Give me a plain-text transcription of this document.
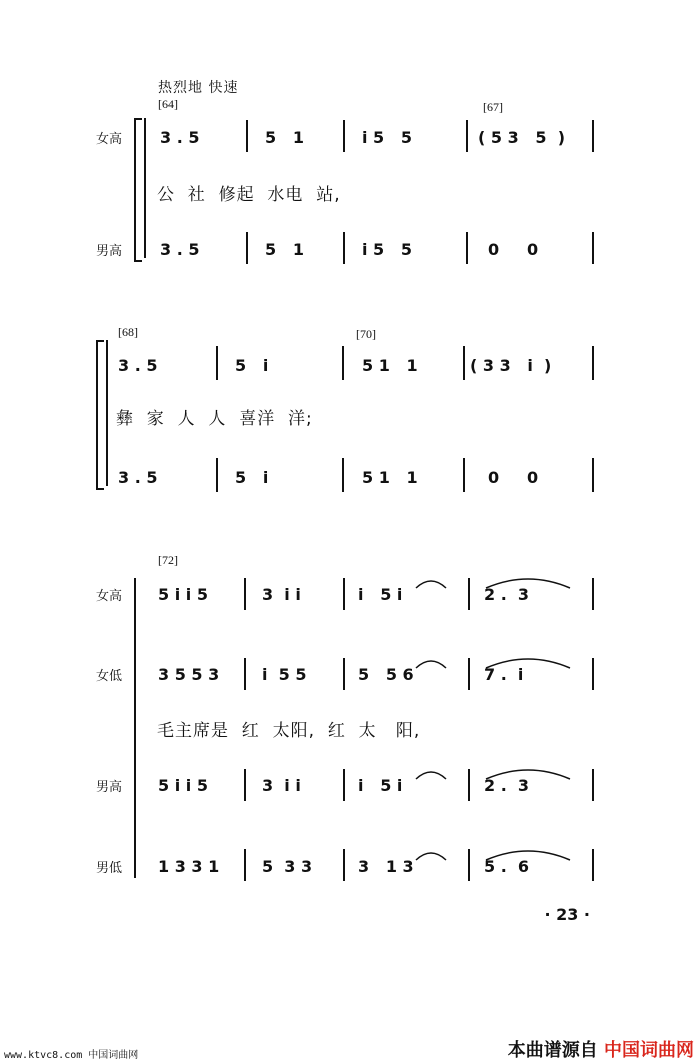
热烈地 快速
[64]	[67]
女高
男高
3 . 5	5   1	i 5   5	( 5 3   5  )
3 . 5	5   1	i 5   5	0     0
公  社  修起  水电  站,
[68]	[70]
3 . 5	5   i	5 1   1	( 3 3   i  )
3 . 5	5   i	5 1   1	0     0
彝  家  人  人  喜洋  洋;
[72]
女高
女低
男高
男低
5 i i 5	3  i i	i   5 i	2 .  3
3 5 5 3	i  5 5	5   5 6	7 .  i
毛主席是  红  太阳,  红  太   阳,
5 i i 5	3  i i	i   5 i	2 .  3
1 3 3 1	5  3 3	3   1 3	5 .  6
· 23 ·
www.ktvc8.com 中国词曲网	本曲谱源自 中国词曲网
